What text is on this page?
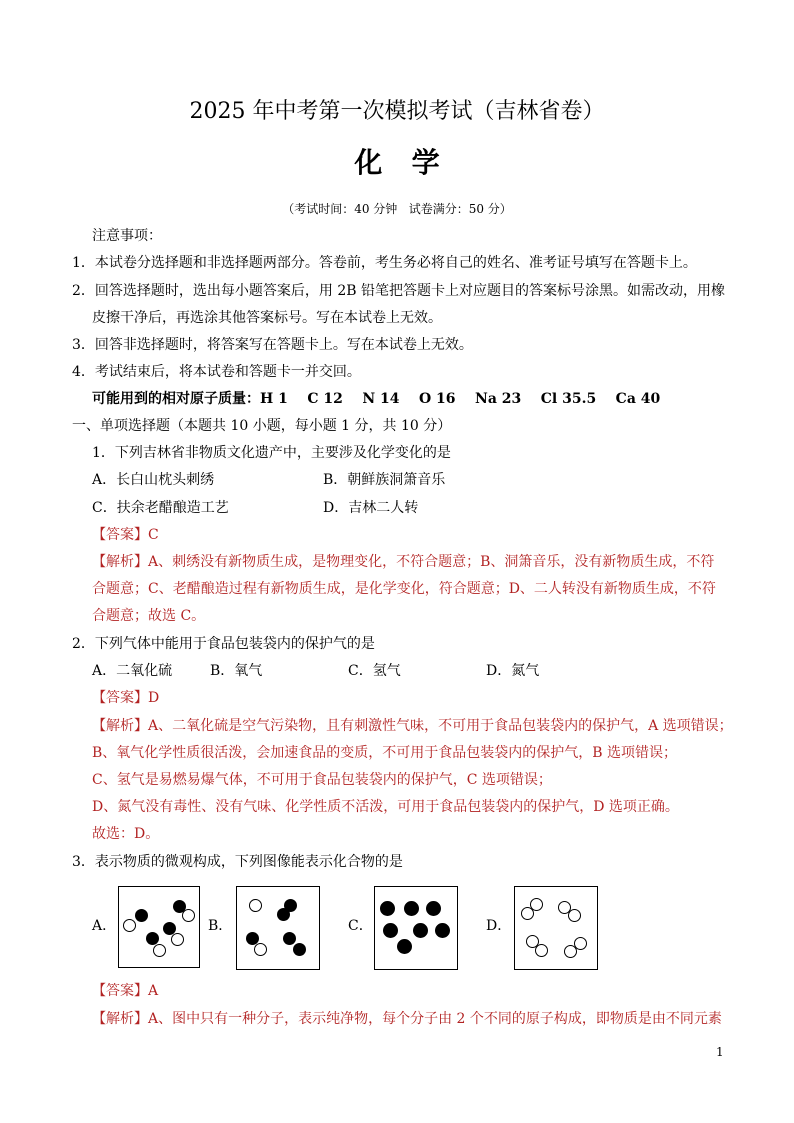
2025 年中考第一次模拟考试（吉林省卷）
化   学
（考试时间：40 分钟   试卷满分：50 分）
注意事项：
1．本试卷分选择题和非选择题两部分。答卷前，考生务必将自己的姓名、准考证号填写在答题卡上。
2．回答选择题时，选出每小题答案后，用 2B 铅笔把答题卡上对应题目的答案标号涂黑。如需改动，用橡
皮擦干净后，再选涂其他答案标号。写在本试卷上无效。
3．回答非选择题时，将答案写在答题卡上。写在本试卷上无效。
4．考试结束后，将本试卷和答题卡一并交回。
可能用到的相对原子质量：H 1    C 12    N 14    O 16    Na 23    Cl 35.5    Ca 40
一、单项选择题（本题共 10 小题，每小题 1 分，共 10 分）
1．下列吉林省非物质文化遗产中，主要涉及化学变化的是
A．长白山枕头刺绣	B．朝鲜族洞箫音乐
C．扶余老醋酿造工艺	D．吉林二人转
【答案】C
【解析】A、刺绣没有新物质生成，是物理变化，不符合题意；B、洞箫音乐，没有新物质生成，不符
合题意；C、老醋酿造过程有新物质生成，是化学变化，符合题意；D、二人转没有新物质生成，不符
合题意；故选 C。
2．下列气体中能用于食品包装袋内的保护气的是
A．二氧化硫	B．氧气	C．氢气	D．氮气
【答案】D
【解析】A、二氧化硫是空气污染物，且有刺激性气味，不可用于食品包装袋内的保护气，A 选项错误；
B、氧气化学性质很活泼，会加速食品的变质，不可用于食品包装袋内的保护气，B 选项错误；
C、氢气是易燃易爆气体，不可用于食品包装袋内的保护气，C 选项错误；
D、氮气没有毒性、没有气味、化学性质不活泼，可用于食品包装袋内的保护气，D 选项正确。
故选：D。
3．表示物质的微观构成，下列图像能表示化合物的是
A．	B．	C．	D．
【答案】A
【解析】A、图中只有一种分子，表示纯净物，每个分子由 2 个不同的原子构成，即物质是由不同元素
1
